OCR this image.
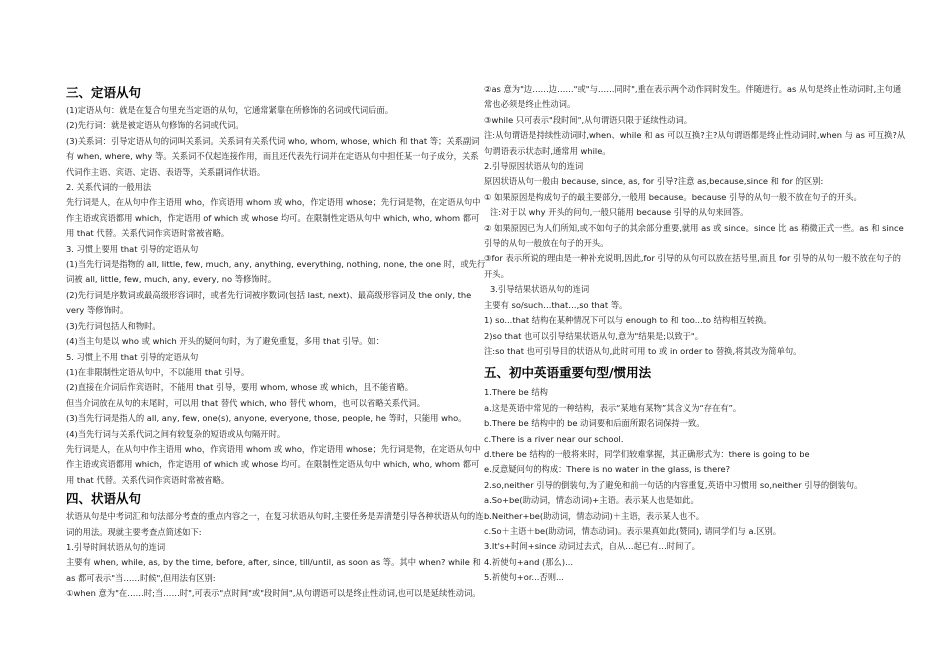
三、定语从句

(1)定语从句：就是在复合句里充当定语的从句，它通常紧靠在所修饰的名词或代词后面。

(2)先行词：就是被定语从句修饰的名词或代词。

(3)关系词：引导定语从句的词叫关系词。关系词有关系代词 who, whom, whose, which 和 that 等；关系副词有 when, where, why 等。关系词不仅起连接作用，而且还代表先行词并在定语从句中担任某一句子成分，关系代词作主语、宾语、定语、表语等，关系副词作状语。

2. 关系代词的一般用法

先行词是人，在从句中作主语用 who，作宾语用 whom 或 who，作定语用 whose；先行词是物，在定语从句中作主语或宾语都用 which，作定语用 of which 或 whose 均可。在限制性定语从句中 which, who, whom 都可用 that 代替。关系代词作宾语时常被省略。

3. 习惯上要用 that 引导的定语从句

(1)当先行词是指物的 all, little, few, much, any, anything, everything, nothing, none, the one 时，或先行词被 all, little, few, much, any, every, no 等修饰时。

(2)先行词是序数词或最高级形容词时，或者先行词被序数词(包括 last, next)、最高级形容词及 the only, the very 等修饰时。

(3)先行词包括人和物时。

(4)当主句是以 who 或 which 开头的疑问句时，为了避免重复，多用 that 引导。如：

5. 习惯上不用 that 引导的定语从句

(1)在非限制性定语从句中，不以能用 that 引导。

(2)直接在介词后作宾语时，不能用 that 引导，要用 whom, whose 或 which，且不能省略。

但当介词放在从句的末尾时，可以用 that 替代 which, who 替代 whom，也可以省略关系代词。

(3)当先行词是指人的 all, any, few, one(s), anyone, everyone, those, people, he 等时，只能用 who。

(4)当先行词与关系代词之间有较复杂的短语或从句隔开时。

先行词是人，在从句中作主语用 who，作宾语用 whom 或 who，作定语用 whose；先行词是物，在定语从句中作主语或宾语都用 which，作定语用 of which 或 whose 均可。在限制性定语从句中 which, who, whom 都可用 that 代替。关系代词作宾语时常被省略。

四、状语从句

状语从句是中考词汇和句法部分考查的重点内容之一，在复习状语从句时,主要任务是弄清楚引导各种状语从句的连词的用法。现就主要考查点简述如下:

1.引导时间状语从句的连词

主要有 when, while, as, by the time, before, after, since, till/until, as soon as 等。其中 when? while 和 as 都可表示"当……时候",但用法有区别:

①when 意为"在……时;当……时",可表示"点时间"或"段时间",从句谓语可以是终止性动词,也可以是延续性动词。

②as 意为"边……边……"或"与……同时",重在表示两个动作同时发生。伴随进行。as 从句是终止性动词时,主句通常也必须是终止性动词。

③while 只可表示"段时间",从句谓语只限于延续性动词。

注:从句谓语是持续性动词时,when、while 和 as 可以互换?主?从句谓语都是终止性动词时,when 与 as 可互换?从句谓语表示状态时,通常用 while。

2.引导原因状语从句的连词

原因状语从句一般由 because, since, as, for 引导?注意 as,because,since 和 for 的区别:

① 如果原因是构成句子的最主要部分,一般用 because。because 引导的从句一般不放在句子的开头。

注:对于以 why 开头的问句,一般只能用 because 引导的从句来回答。

② 如果原因已为人们所知,或不如句子的其余部分重要,就用 as 或 since。since 比 as 稍微正式一些。as 和 since 引导的从句一般放在句子的开头。

③for 表示所说的理由是一种补充说明,因此,for 引导的从句可以放在括号里,而且 for 引导的从句一般不放在句子的开头。

3.引导结果状语从句的连词

主要有 so/such…that…,so that 等。

1) so...that 结构在某种情况下可以与 enough to 和 too...to 结构相互转换。

2)so that 也可以引导结果状语从句,意为"结果是;以致于"。

注:so that 也可引导目的状语从句,此时可用 to 或 in order to 替换,将其改为简单句。

五、初中英语重要句型/惯用法

1.There be 结构

a.这是英语中常见的一种结构，表示“某地有某物”其含义为“存在有”。

b.There be 结构中的 be 动词要和后面所跟名词保持一致。

c.There is a river near our school.

d.there be 结构的一般将来时，同学们较难掌握，其正确形式为：there is going to be

e.反意疑问句的构成：There is no water in the glass, is there?

2.so,neither 引导的倒装句,为了避免和前一句话的内容重复,英语中习惯用 so,neither 引导的倒装句。

a.So+be(助动词，情态动词)+主语。表示某人也是如此。

b.Neither+be(助动词，情态动词)＋主语，表示某人也不。

c.So＋主语＋be(助动词，情态动词)。表示果真如此(赞同), 请同学们与 a.区别。

3.It's+时间+since 动词过去式，自从…起已有…时间了。

4.祈使句+and (那么)...

5.祈使句+or...否则...
